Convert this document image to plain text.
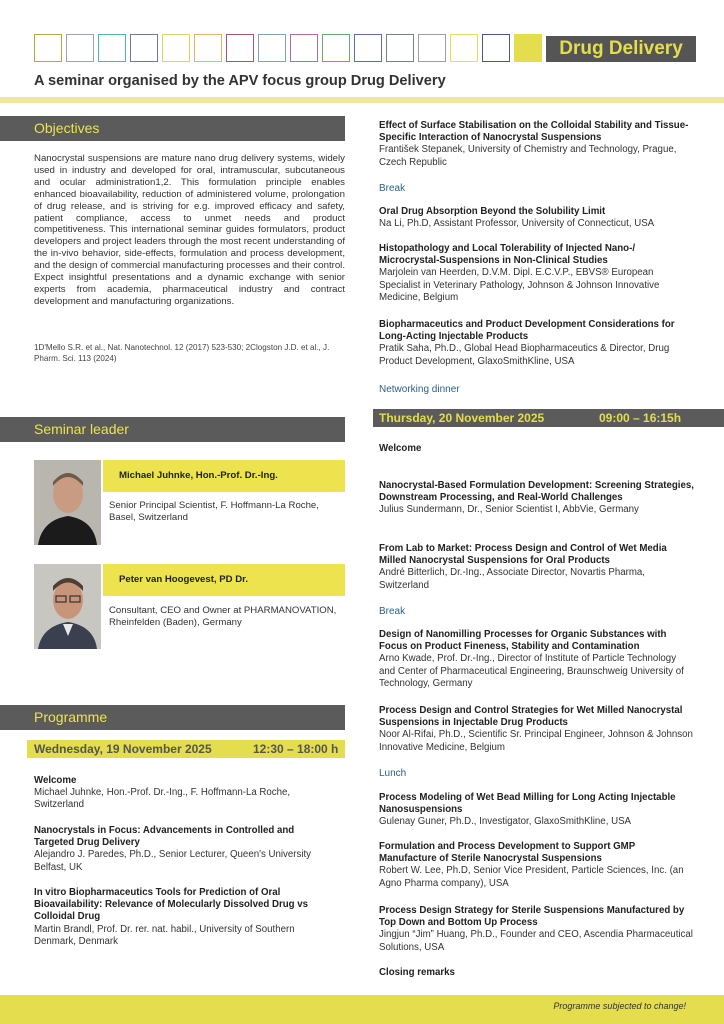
Drug Delivery
A seminar organised by the APV focus group Drug Delivery
Objectives
Nanocrystal suspensions are mature nano drug delivery systems, widely used in industry and developed for oral, intramuscular, subcutaneous and ocular administration1,2. This formulation principle enables enhanced bioavailability, reduction of administered volume, prolongation of drug release, and is striving for e.g. improved efficacy and safety, patient compliance, access to unmet needs and product competitiveness. This international seminar guides formulators, product developers and project leaders through the most recent understanding of the in-vivo behavior, side-effects, formulation and process development, and the design of commercial manufacturing processes and their control. Expect insightful presentations and a dynamic exchange with senior experts from academia, pharmaceutical industry and contract development and manufacturing organizations.
1D'Mello S.R. et al., Nat. Nanotechnol. 12 (2017) 523-530; 2Clogston J.D. et al., J. Pharm. Sci. 113 (2024)
Seminar leader
Michael Juhnke, Hon.-Prof. Dr.-Ing.
Senior Principal Scientist, F. Hoffmann-La Roche, Basel, Switzerland
Peter van Hoogevest, PD Dr.
Consultant, CEO and Owner at PHARMANOVATION, Rheinfelden (Baden), Germany
Programme
Wednesday, 19 November 2025	12:30 – 18:00 h
Welcome
Michael Juhnke, Hon.-Prof. Dr.-Ing., F. Hoffmann-La Roche, Switzerland
Nanocrystals in Focus: Advancements in Controlled and Targeted Drug Delivery
Alejandro J. Paredes, Ph.D., Senior Lecturer, Queen's University Belfast, UK
In vitro Biopharmaceutics Tools for Prediction of Oral Bioavailability: Relevance of Molecularly Dissolved Drug vs Colloidal Drug
Martin Brandl, Prof. Dr. rer. nat. habil., University of Southern Denmark, Denmark
Effect of Surface Stabilisation on the Colloidal Stability and Tissue-Specific Interaction of Nanocrystal Suspensions
František Stepanek, University of Chemistry and Technology, Prague, Czech Republic
Break
Oral Drug Absorption Beyond the Solubility Limit
Na Li, Ph.D, Assistant Professor, University of Connecticut, USA
Histopathology and Local Tolerability of Injected Nano-/ Microcrystal-Suspensions in Non-Clinical Studies
Marjolein van Heerden, D.V.M. Dipl. E.C.V.P., EBVS® European Specialist in Veterinary Pathology, Johnson & Johnson Innovative Medicine, Belgium
Biopharmaceutics and Product Development Considerations for Long-Acting Injectable Products
Pratik Saha, Ph.D., Global Head Biopharmaceutics & Director, Drug Product Development, GlaxoSmithKline, USA
Networking dinner
Thursday, 20 November 2025	09:00 – 16:15h
Welcome
Nanocrystal-Based Formulation Development: Screening Strategies, Downstream Processing, and Real-World Challenges
Julius Sundermann, Dr., Senior Scientist I, AbbVie, Germany
From Lab to Market: Process Design and Control of Wet Media Milled Nanocrystal Suspensions for Oral Products
André Bitterlich, Dr.-Ing., Associate Director, Novartis Pharma, Switzerland
Break
Design of Nanomilling Processes for Organic Substances with Focus on Product Fineness, Stability and Contamination
Arno Kwade, Prof. Dr.-Ing., Director of Institute of Particle Technology and Center of Pharmaceutical Engineering, Braunschweig University of Technology, Germany
Process Design and Control Strategies for Wet Milled Nanocrystal Suspensions in Injectable Drug Products
Noor Al-Rifai, Ph.D., Scientific Sr. Principal Engineer, Johnson & Johnson Innovative Medicine, Belgium
Lunch
Process Modeling of Wet Bead Milling for Long Acting Injectable Nanosuspensions
Gulenay Guner, Ph.D., Investigator, GlaxoSmithKline, USA
Formulation and Process Development to Support GMP Manufacture of Sterile Nanocrystal Suspensions
Robert W. Lee, Ph.D, Senior Vice President, Particle Sciences, Inc. (an Agno Pharma company), USA
Process Design Strategy for Sterile Suspensions Manufactured by Top Down and Bottom Up Process
Jingjun “Jim” Huang, Ph.D., Founder and CEO, Ascendia Pharmaceutical Solutions, USA
Closing remarks
Programme subjected to change!
